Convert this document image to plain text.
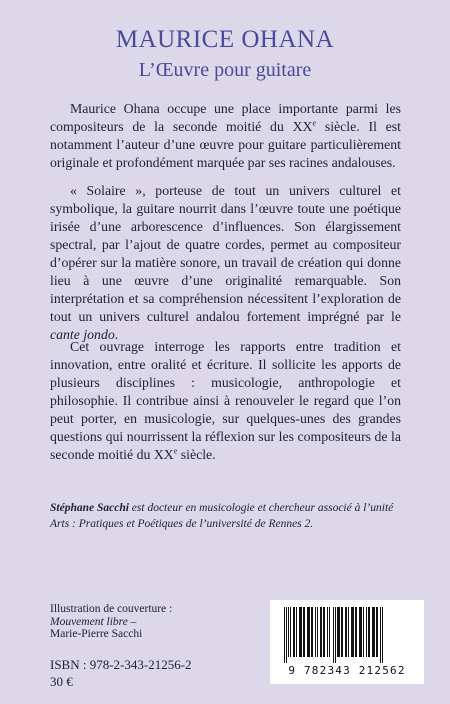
MAURICE OHANA
L’Œuvre pour guitare

Maurice Ohana occupe une place importante parmi les compositeurs de la seconde moitié du XXe siècle. Il est notamment l’auteur d’une œuvre pour guitare particulièrement originale et profondément marquée par ses racines andalouses.

« Solaire », porteuse de tout un univers culturel et symbolique, la guitare nourrit dans l’œuvre toute une poétique irisée d’une arborescence d’influences. Son élargissement spectral, par l’ajout de quatre cordes, permet au compositeur d’opérer sur la matière sonore, un travail de création qui donne lieu à une œuvre d’une originalité remarquable. Son interprétation et sa compréhension nécessitent l’exploration de tout un univers culturel andalou fortement imprégné par le cante jondo.

Cet ouvrage interroge les rapports entre tradition et innovation, entre oralité et écriture. Il sollicite les apports de plusieurs disciplines : musicologie, anthropologie et philosophie. Il contribue ainsi à renouveler le regard que l’on peut porter, en musicologie, sur quelques-unes des grandes questions qui nourrissent la réflexion sur les compositeurs de la seconde moitié du XXe siècle.

Stéphane Sacchi est docteur en musicologie et chercheur associé à l’unité Arts : Pratiques et Poétiques de l’université de Rennes 2.

Illustration de couverture :
Mouvement libre –
Marie-Pierre Sacchi
ISBN : 978-2-343-21256-2
30 €
9 782343 212562
